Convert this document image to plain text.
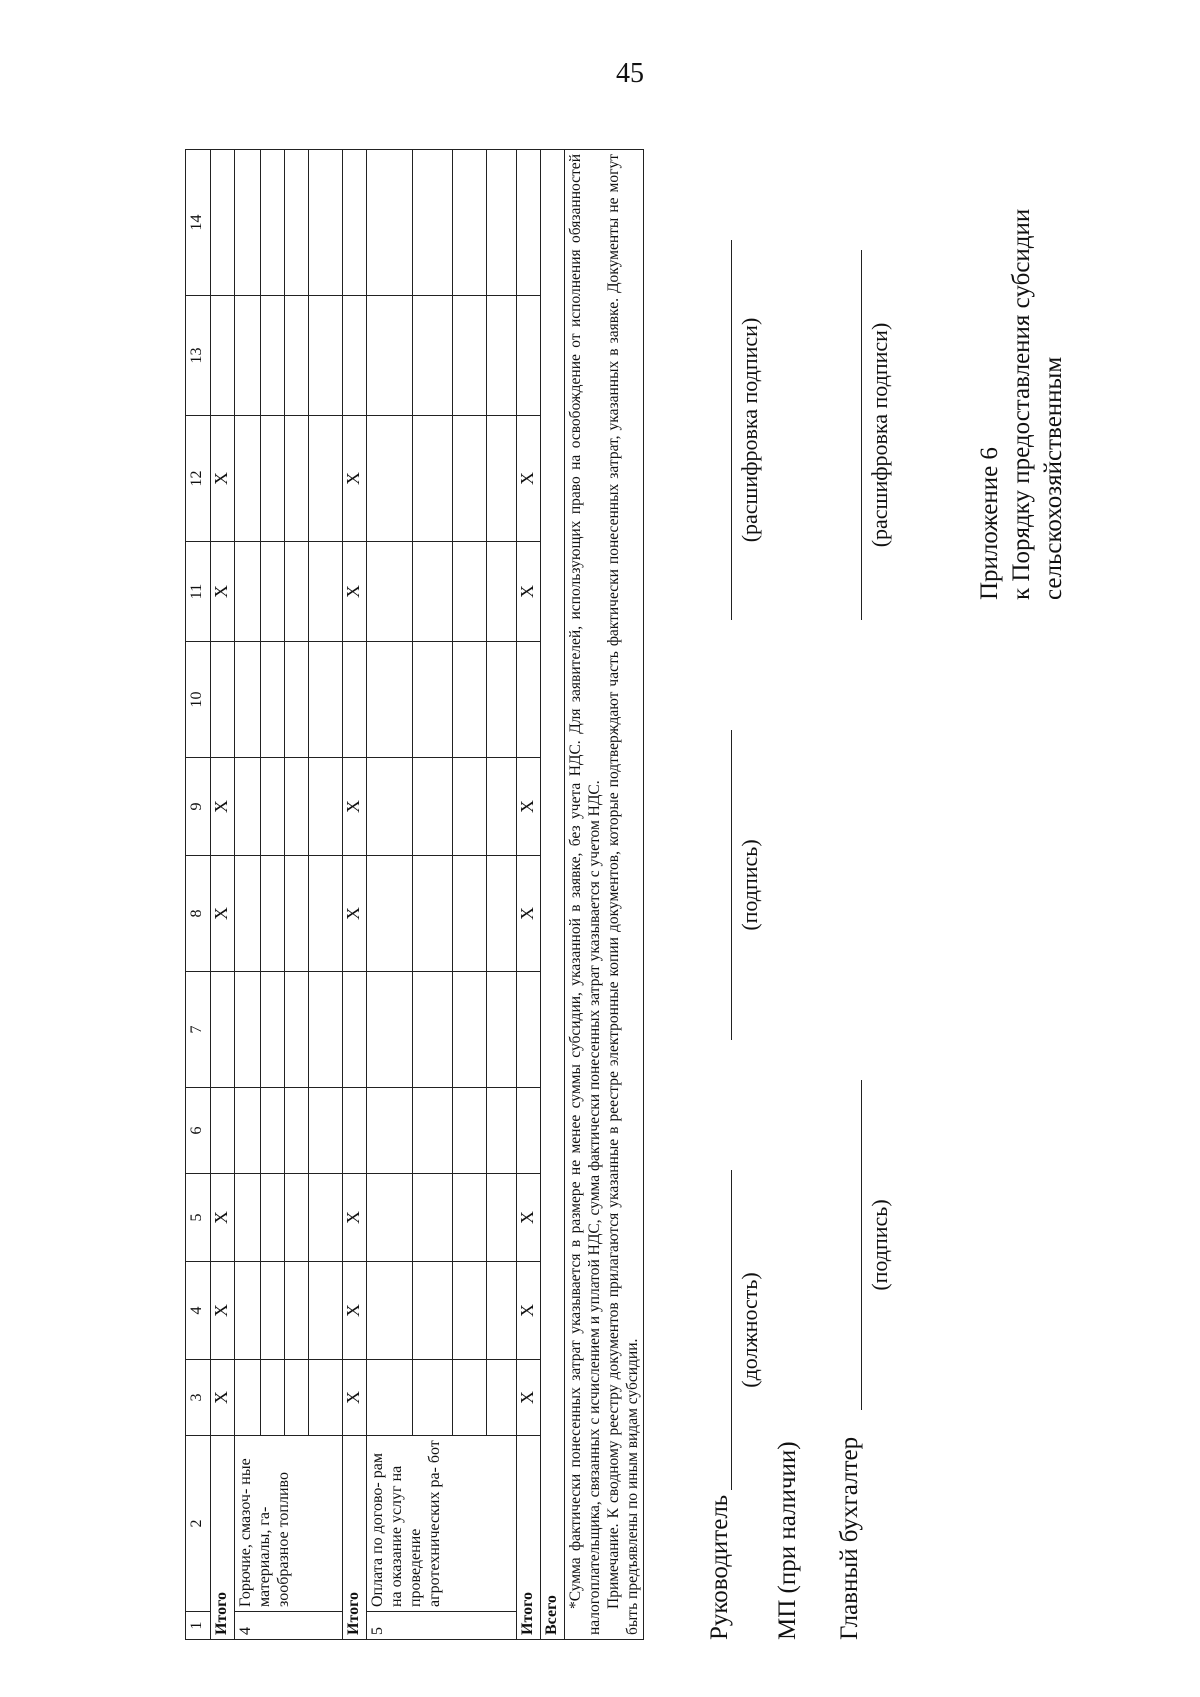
45
1	2	3	4	5	6	7	8	9	10	11	12	13	14
Итого		X	X	X			X	X		X	X		
4	Горючие, смазоч- ные материалы, га- зообразное топливо												

Итого		X	X	X			X	X		X	X		
5	Оплата по догово- рам на оказание услуг на проведение агротехнических ра- бот												

Итого		X	X	X			X	X		X	X		
Всего													

*Сумма фактически понесенных затрат указывается в размере не менее суммы субсидии, указанной в заявке, без учета НДС. Для заявителей, использующих право на освобождение от исполнения обязанностей налогоплательщика, связанных с исчислением и уплатой НДС, сумма фактически понесенных затрат указывается с учетом НДС. Примечание. К сводному реестру документов прилагаются указанные в реестре электронные копии документов, которые подтверждают часть фактически понесенных затрат, указанных в заявке. Документы не могут быть предъявлены по иным видам субсидии.														Руководитель
(должность)
(подпись)
(расшифровка подписи)
МП (при наличии) Главный бухгалтер
(подпись)
(расшифровка подписи)	Приложение 6 к Порядку предоставления субсидии сельскохозяйственным
